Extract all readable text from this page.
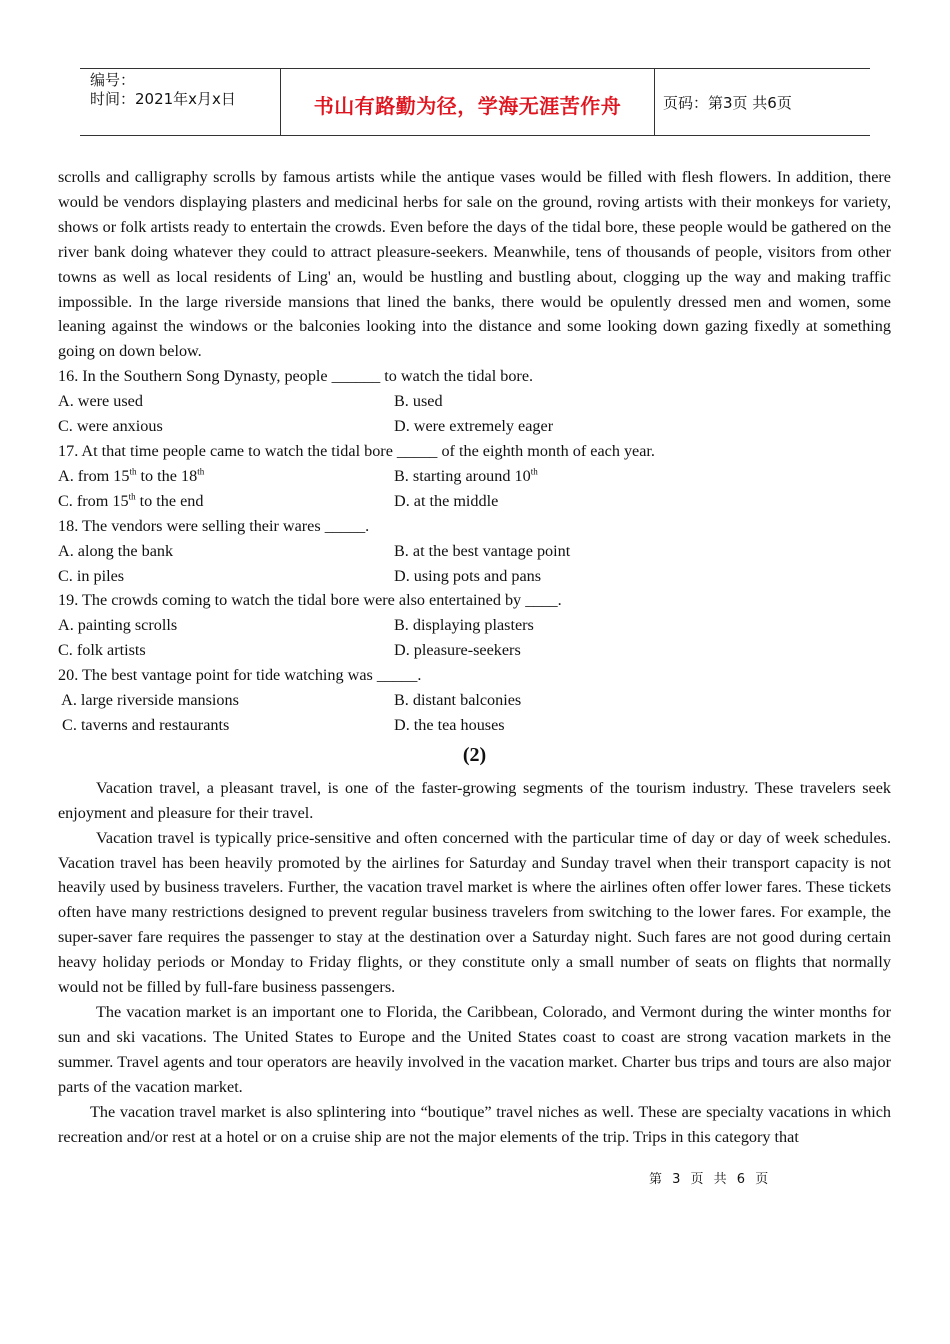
编号：
时间：2021年x月x日	书山有路勤为径，学海无涯苦作舟	页码：第3页 共6页

scrolls and calligraphy scrolls by famous artists while the antique vases would be filled with flesh flowers. In addition, there would be vendors displaying plasters and medicinal herbs for sale on the ground, roving artists with their monkeys for variety, shows or folk artists ready to entertain the crowds. Even before the days of the tidal bore, these people would be gathered on the river bank doing whatever they could to attract pleasure-seekers. Meanwhile, tens of thousands of people, visitors from other towns as well as local residents of Ling' an, would be hustling and bustling about, clogging up the way and making traffic impossible. In the large riverside mansions that lined the banks, there would be opulently dressed men and women, some leaning against the windows or the balconies looking into the distance and some looking down gazing fixedly at something going on down below.

16. In the Southern Song Dynasty, people ______ to watch the tidal bore.
A. were used	B. used
C. were anxious	D. were extremely eager
17. At that time people came to watch the tidal bore _____ of the eighth month of each year.
A. from 15th to the 18th	B. starting around 10th
C. from 15th to the end	D. at the middle
18. The vendors were selling their wares _____.
A. along the bank	B. at the best vantage point
C. in piles	D. using pots and pans
19. The crowds coming to watch the tidal bore were also entertained by ____.
A. painting scrolls	B. displaying plasters
C. folk artists	D. pleasure-seekers
20. The best vantage point for tide watching was _____.
A. large riverside mansions	B. distant balconies
C. taverns and restaurants	D. the tea houses
(2)

Vacation travel, a pleasant travel, is one of the faster-growing segments of the tourism industry. These travelers seek enjoyment and pleasure for their travel.

Vacation travel is typically price-sensitive and often concerned with the particular time of day or day of week schedules. Vacation travel has been heavily promoted by the airlines for Saturday and Sunday travel when their transport capacity is not heavily used by business travelers. Further, the vacation travel market is where the airlines often offer lower fares. These tickets often have many restrictions designed to prevent regular business travelers from switching to the lower fares. For example, the super-saver fare requires the passenger to stay at the destination over a Saturday night. Such fares are not good during certain heavy holiday periods or Monday to Friday flights, or they constitute only a small number of seats on flights that normally would not be filled by full-fare business passengers.

The vacation market is an important one to Florida, the Caribbean, Colorado, and Vermont during the winter months for sun and ski vacations. The United States to Europe and the United States coast to coast are strong vacation markets in the summer. Travel agents and tour operators are heavily involved in the vacation market. Charter bus trips and tours are also major parts of the vacation market.

The vacation travel market is also splintering into “boutique” travel niches as well. These are specialty vacations in which recreation and/or rest at a hotel or on a cruise ship are not the major elements of the trip. Trips in this category that

第 3 页 共 6 页
